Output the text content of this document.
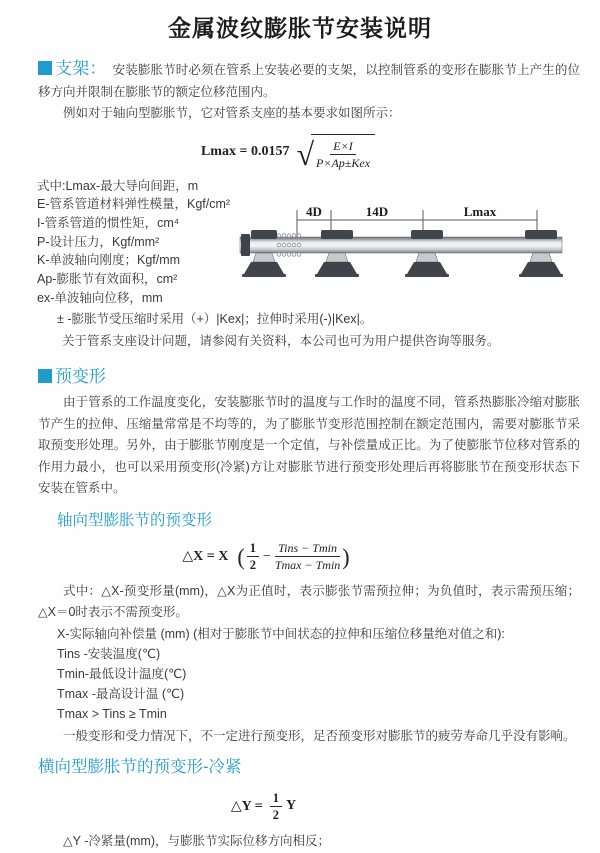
金属波纹膨胀节安装说明

支架： 安装膨胀节时必须在管系上安装必要的支架，以控制管系的变形在膨胀节上产生的位移方向并限制在膨胀节的额定位移范围内。

例如对于轴向型膨胀节，它对管系支座的基本要求如图所示：

Lmax = 0.0157 √ $\frac{E\times I}{\text{P×Ap±Kex}}$

式中:Lmax-最大导向间距，m

E-管系管道材料弹性模量，Kgf/cm²

I-管系管道的惯性矩，cm⁴

P-设计压力，Kgf/mm²

K-单波轴向刚度；Kgf/mm

Ap-膨胀节有效面积，cm²

ex-单波轴向位移，mm

4D	14D	Lmax

± -膨胀节受压缩时采用（+）|Kex|；拉伸时采用(-)|Kex|。

关于管系支座设计问题，请参阅有关资料，本公司也可为用户提供咨询等服务。

预变形

由于管系的工作温度变化，安装膨胀节时的温度与工作时的温度不同，管系热膨胀冷缩对膨胀节产生的拉伸、压缩量常常是不均等的，为了膨胀节变形范围控制在额定范围内，需要对膨胀节采取预变形处理。另外，由于膨胀节刚度是一个定值，与补偿量成正比。为了使膨胀节位移对管系的作用力最小，也可以采用预变形(冷紧)方让对膨胀节进行预变形处理后再将膨胀节在预变形状态下安装在管系中。

轴向型膨胀节的预变形
△X = X ( $\frac{1}{2} - \frac{\text{Tins − Tmin}}{Tmax - Tmin}$ )

式中：△X-预变形量(mm)，△X为正值时，表示膨张节需预拉伸；为负值时，表示需预压缩；△X＝0时表示不需预变形。

X-实际轴向补偿量 (mm) (相对于膨胀节中间状态的拉伸和压缩位移量绝对值之和):

Tins -安装温度(℃)

Tmin-最低设计温度(℃)

Tmax -最高设计温 (℃)

Tmax > Tins ≥ Tmin

一般变形和受力情况下，不一定进行预变形，足否预变形对膨胀节的疲劳寿命几乎没有影响。

横向型膨胀节的预变形-冷紧
△Y = $\frac{1}{2}$ Y

△Y -冷紧量(mm)，与膨胀节实际位移方向相反；
